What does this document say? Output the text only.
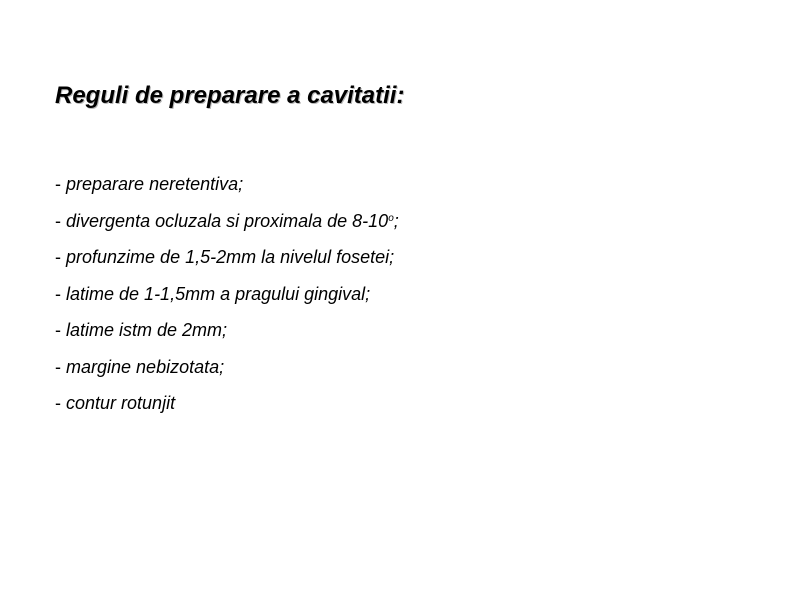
Reguli de preparare a cavitatii:
- preparare neretentiva;
- divergenta ocluzala si proximala de 8-10$^o$;
- profunzime de 1,5-2mm la nivelul fosetei;
- latime de 1-1,5mm a pragului gingival;
- latime istm de 2mm;
- margine nebizotata;
- contur rotunjit
